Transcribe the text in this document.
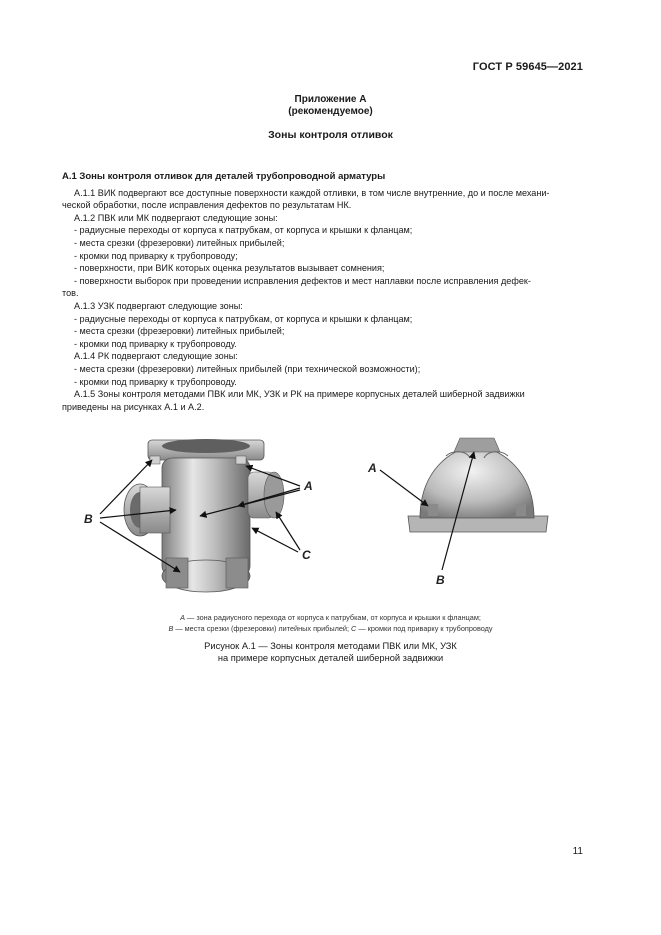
ГОСТ Р 59645—2021
Приложение А
(рекомендуемое)
Зоны контроля отливок

А.1 Зоны контроля отливок для деталей трубопроводной арматуры

А.1.1 ВИК подвергают все доступные поверхности каждой отливки, в том числе внутренние, до и после механи-

ческой обработки, после исправления дефектов по результатам НК.

А.1.2 ПВК или МК подвергают следующие зоны:

- радиусные переходы от корпуса к патрубкам, от корпуса и крышки к фланцам;

- места срезки (фрезеровки) литейных прибылей;

- кромки под приварку к трубопроводу;

- поверхности, при ВИК которых оценка результатов вызывает сомнения;

- поверхности выборок при проведении исправления дефектов и мест наплавки после исправления дефек-

тов.

А.1.3 УЗК подвергают следующие зоны:

- радиусные переходы от корпуса к патрубкам, от корпуса и крышки к фланцам;

- места срезки (фрезеровки) литейных прибылей;

- кромки под приварку к трубопроводу.

А.1.4 РК подвергают следующие зоны:

- места срезки (фрезеровки) литейных прибылей (при технической возможности);

- кромки под приварку к трубопроводу.

А.1.5 Зоны контроля методами ПВК или МК, УЗК и РК на примере корпусных деталей шиберной задвижки

приведены на рисунках А.1 и А.2.

A
B
C
A
B
А — зона радиусного перехода от корпуса к патрубкам, от корпуса и крышки к фланцам;
В — места срезки (фрезеровки) литейных прибылей; С — кромки под приварку к трубопроводу
Рисунок А.1 — Зоны контроля методами ПВК или МК, УЗК
на примере корпусных деталей шиберной задвижки
11
